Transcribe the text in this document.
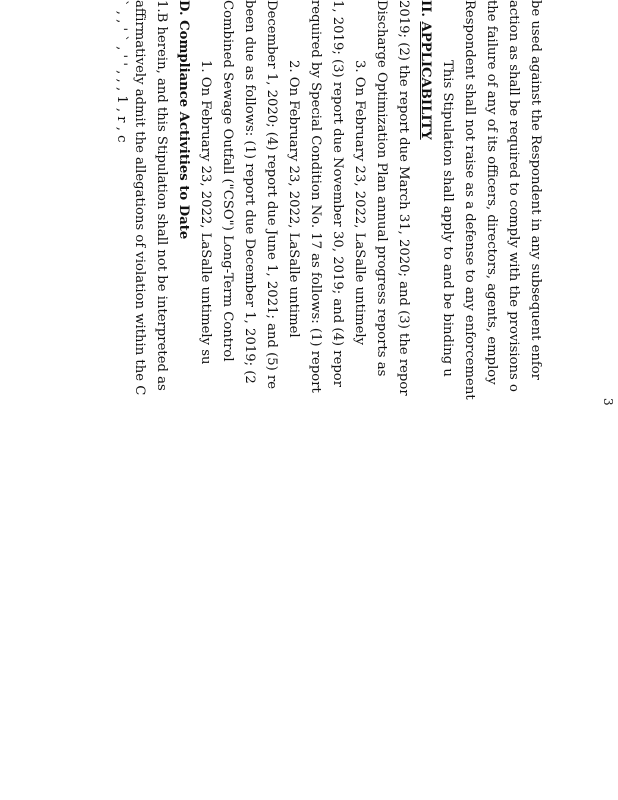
` , , ' ` , ' ' , , , 1 , r , c affirmatively admit the allegations of violation within the C 1.B herein, and this Stipulation shall not be interpreted as D. Compliance Activities to Date 1. On February 23, 2022, LaSalle untimely su Combined Sewage Outfall ("CSO") Long-Term Control been due as follows: (1) report due December 1, 2019; (2 December 1, 2020; (4) report due June 1, 2021; and (5) re 2. On February 23, 2022, LaSalle untimel required by Special Condition No. 17 as follows: (1) report 1, 2019; (3) report due November 30, 2019; and (4) repor 3. On February 23, 2022, LaSalle untimely Discharge Optimization Plan annual progress reports as 2019; (2) the report due March 31, 2020; and (3) the repor II. APPLICABILITY This Stipulation shall apply to and be binding u Respondent shall not raise as a defense to any enforcement the failure of any of its officers, directors, agents, employ action as shall be required to comply with the provisions o be used against the Respondent in any subsequent enfor
3
